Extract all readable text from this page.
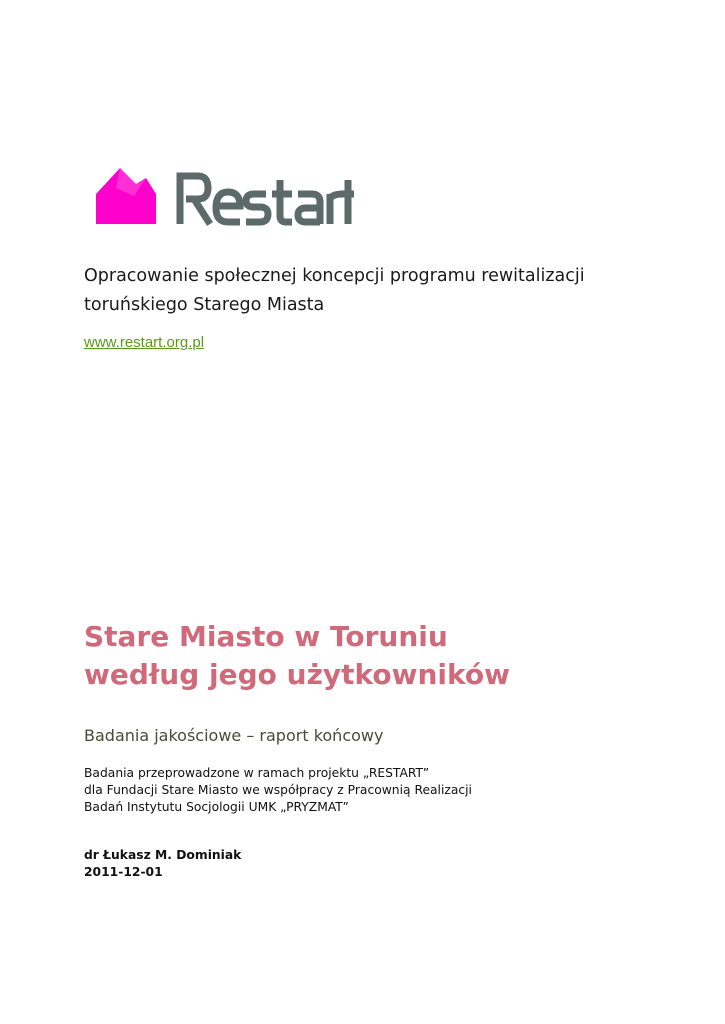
Opracowanie społecznej koncepcji programu rewitalizacji
toruńskiego Starego Miasta

www.restart.org.pl
Stare Miasto w Toruniu
według jego użytkowników
Badania jakościowe – raport końcowy
Badania przeprowadzone w ramach projektu „RESTART”
dla Fundacji Stare Miasto we współpracy z Pracownią Realizacji
Badań Instytutu Socjologii UMK „PRYZMAT”
dr Łukasz M. Dominiak
2011-12-01
